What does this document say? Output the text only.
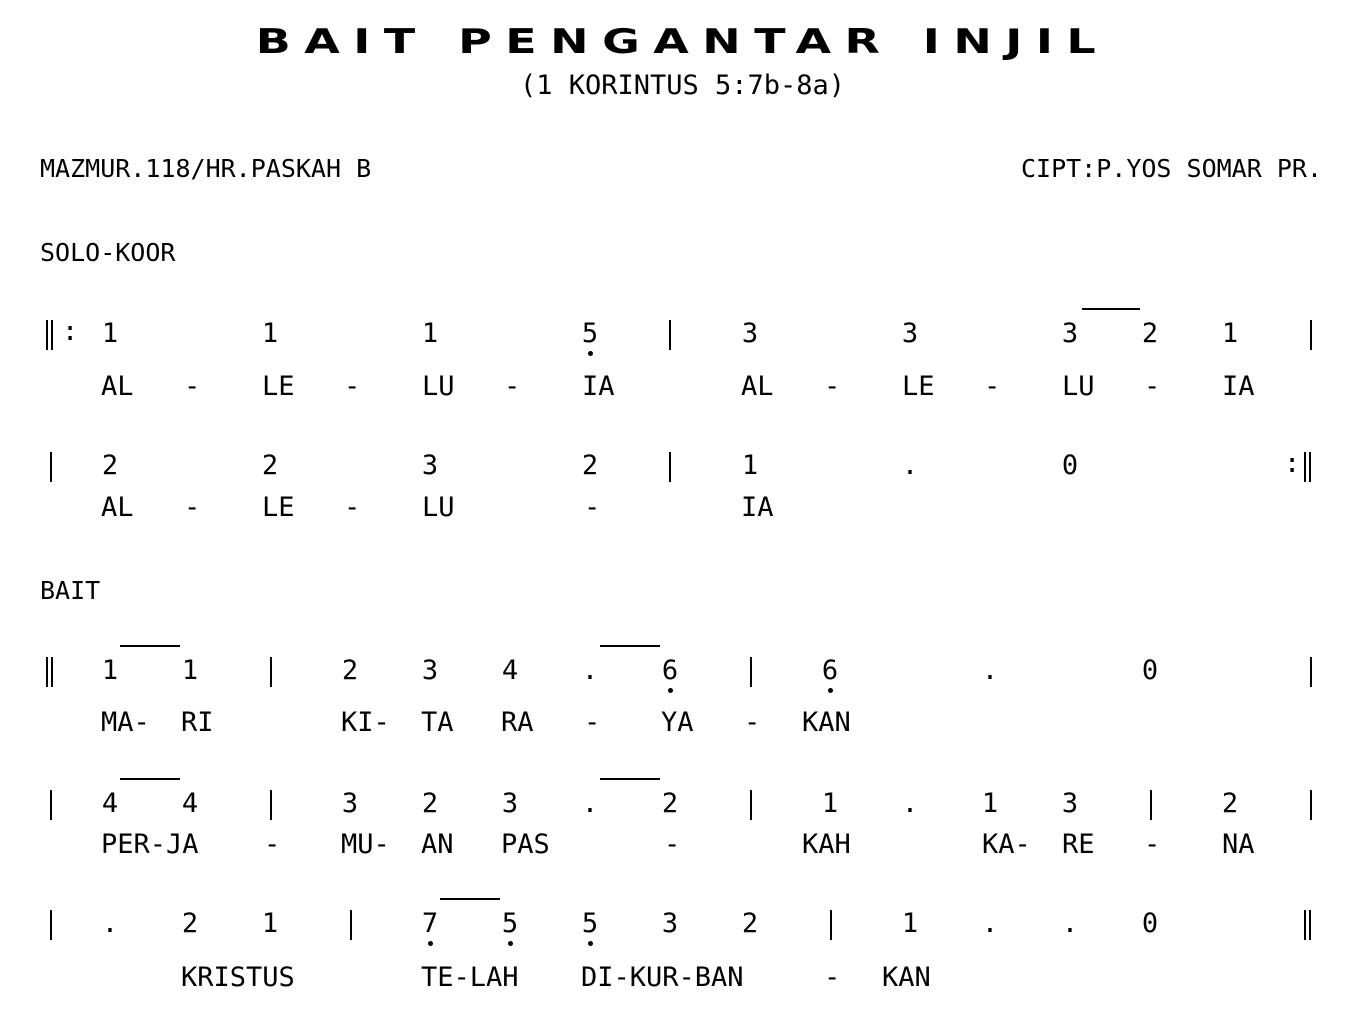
BAIT PENGANTAR INJIL
(1 KORINTUS 5:7b-8a)
MAZMUR.118/HR.PASKAH B	CIPT:P.YOS SOMAR PR.
SOLO-KOOR
BAIT
: 1	1	1	5	3	3	3 2 1
AL - LE - LU - IA	AL - LE - LU - IA
2	2	3	2	1	.	0	:
AL - LE - LU	-	IA
1 1	2 3 4 . 6	6	.	0
MA- RI	KI- TA RA - YA - KAN
4 4	3 2 3 . 2	1 . 1 3	2
PER-JA - MU- AN PAS	-	KAH	KA- RE - NA
. 2 1	7 5 5 3 2	1 . . 0
KRISTUS	TE-LAH DI-KUR-BAN	- KAN
